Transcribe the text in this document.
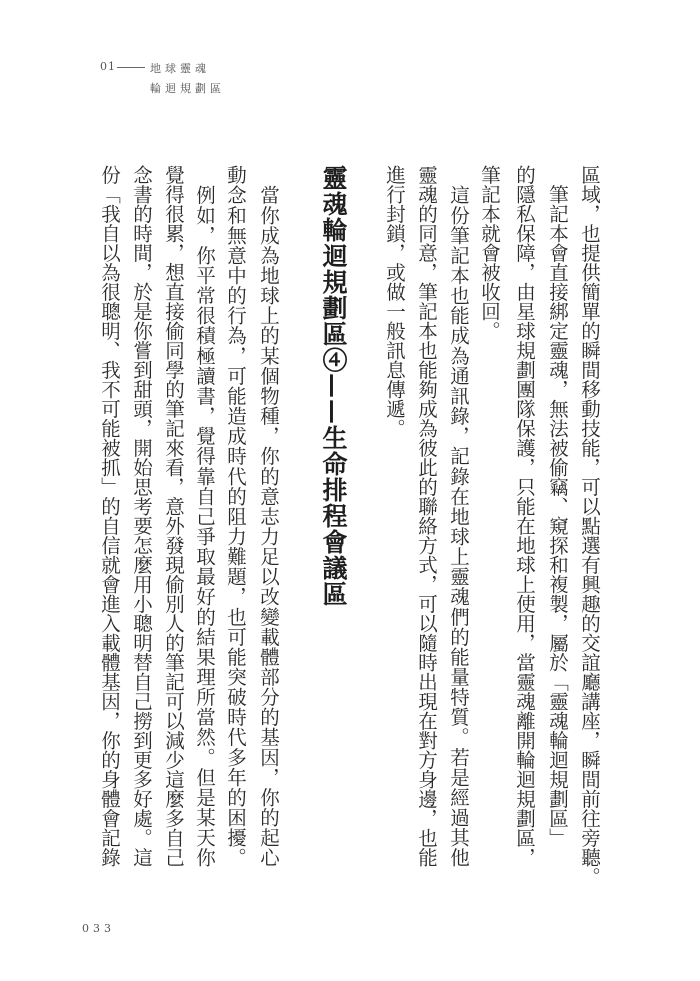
01	地球靈魂
輪迴規劃區
區域，也提供簡單的瞬間移動技能，可以點選有興趣的交誼廳講座，瞬間前往旁聽。
　筆記本會直接綁定靈魂，無法被偷竊、窺探和複製，屬於「靈魂輪迴規劃區」
的隱私保障，由星球規劃團隊保護，只能在地球上使用，當靈魂離開輪迴規劃區，
筆記本就會被收回。
　這份筆記本也能成為通訊錄，記錄在地球上靈魂們的能量特質。若是經過其他
靈魂的同意，筆記本也能夠成為彼此的聯絡方式，可以隨時出現在對方身邊，也能
進行封鎖，或做一般訊息傳遞。
靈魂輪迴規劃區④——生命排程會議區
　當你成為地球上的某個物種，你的意志力足以改變載體部分的基因，你的起心
動念和無意中的行為，可能造成時代的阻力難題，也可能突破時代多年的困擾。
　例如，你平常很積極讀書，覺得靠自己爭取最好的結果理所當然。但是某天你
覺得很累，想直接偷同學的筆記來看，意外發現偷別人的筆記可以減少這麼多自己
念書的時間，於是你嘗到甜頭，開始思考要怎麼用小聰明替自己撈到更多好處。這
份「我自以為很聰明、我不可能被抓」的自信就會進入載體基因，你的身體會記錄
033
